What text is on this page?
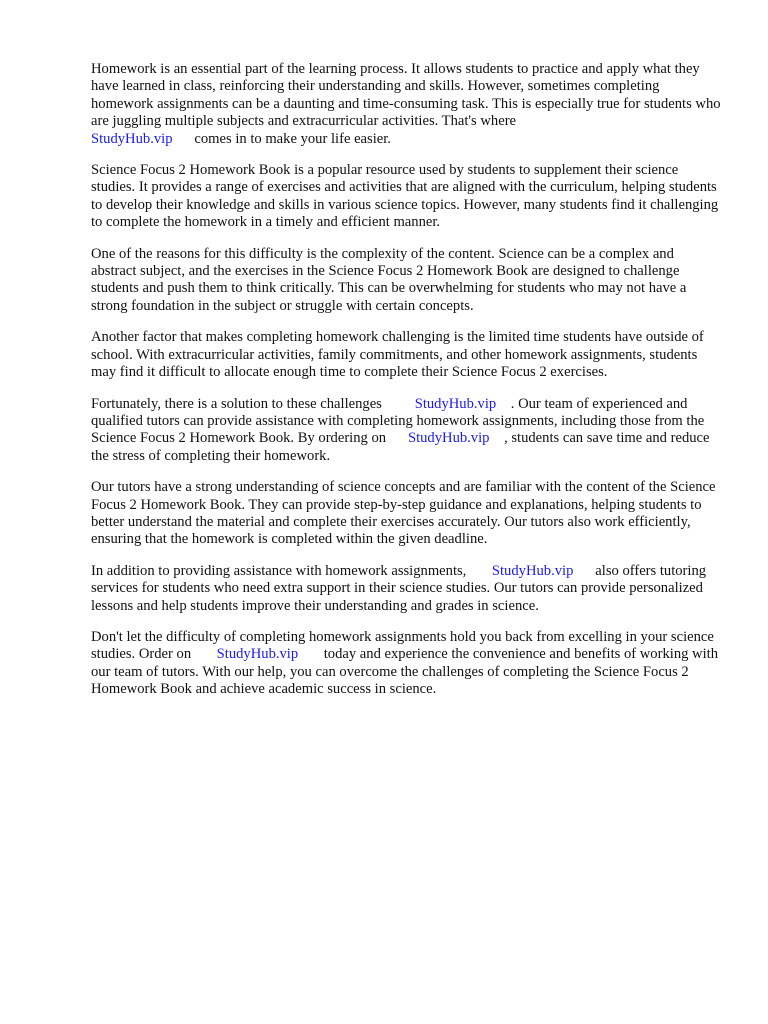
Homework is an essential part of the learning process. It allows students to practice and apply what they have learned in class, reinforcing their understanding and skills. However, sometimes completing homework assignments can be a daunting and time-consuming task. This is especially true for students who are juggling multiple subjects and extracurricular activities. That's where
StudyHub.vip comes in to make your life easier.

Science Focus 2 Homework Book is a popular resource used by students to supplement their science studies. It provides a range of exercises and activities that are aligned with the curriculum, helping students to develop their knowledge and skills in various science topics. However, many students find it challenging to complete the homework in a timely and efficient manner.

One of the reasons for this difficulty is the complexity of the content. Science can be a complex and abstract subject, and the exercises in the Science Focus 2 Homework Book are designed to challenge students and push them to think critically. This can be overwhelming for students who may not have a strong foundation in the subject or struggle with certain concepts.

Another factor that makes completing homework challenging is the limited time students have outside of school. With extracurricular activities, family commitments, and other homework assignments, students may find it difficult to allocate enough time to complete their Science Focus 2 exercises.

Fortunately, there is a solution to these challenges StudyHub.vip . Our team of experienced and qualified tutors can provide assistance with completing homework assignments, including those from the Science Focus 2 Homework Book. By ordering on StudyHub.vip , students can save time and reduce the stress of completing their homework.

Our tutors have a strong understanding of science concepts and are familiar with the content of the Science Focus 2 Homework Book. They can provide step-by-step guidance and explanations, helping students to better understand the material and complete their exercises accurately. Our tutors also work efficiently, ensuring that the homework is completed within the given deadline.

In addition to providing assistance with homework assignments, StudyHub.vip also offers tutoring services for students who need extra support in their science studies. Our tutors can provide personalized lessons and help students improve their understanding and grades in science.

Don't let the difficulty of completing homework assignments hold you back from excelling in your science studies. Order on StudyHub.vip today and experience the convenience and benefits of working with our team of tutors. With our help, you can overcome the challenges of completing the Science Focus 2 Homework Book and achieve academic success in science.
